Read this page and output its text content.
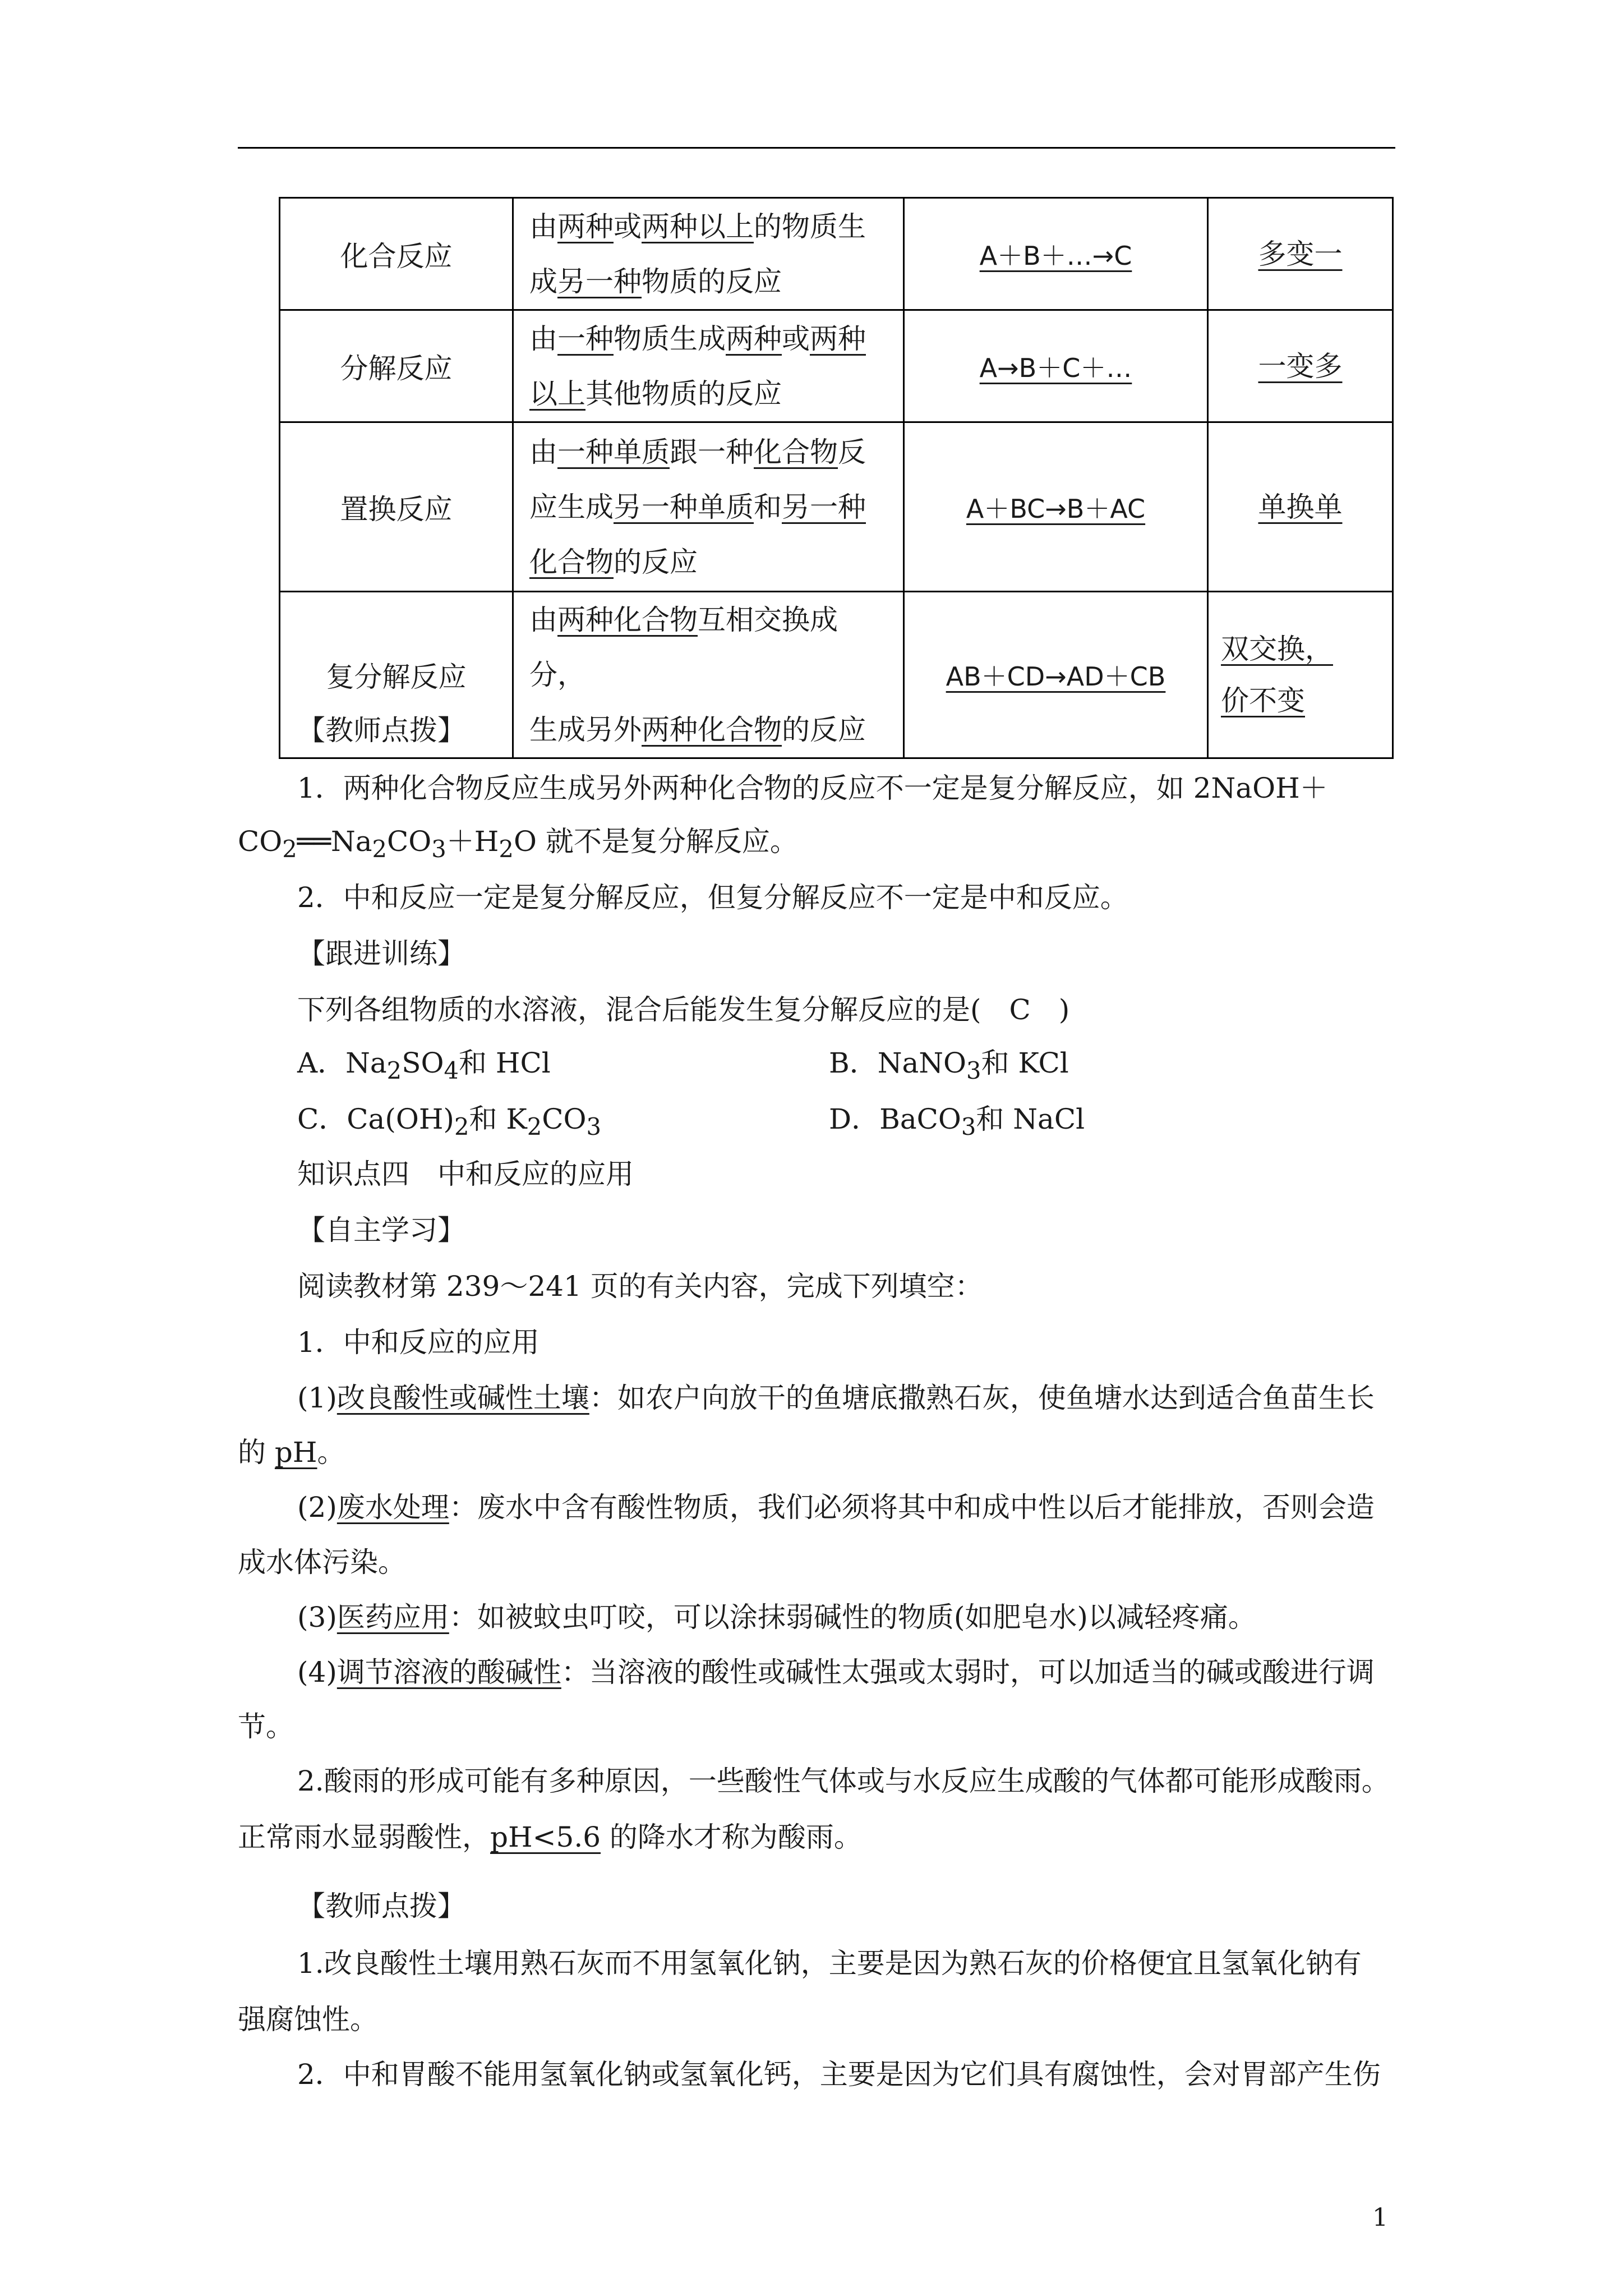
化合反应	由两种或两种以上的物质生
成另一种物质的反应	A＋B＋…→C	多变一
分解反应	由一种物质生成两种或两种
以上其他物质的反应	A→B＋C＋…	一变多
置换反应	由一种单质跟一种化合物反
应生成另一种单质和另一种
化合物的反应	A＋BC→B＋AC	单换单
复分解反应	由两种化合物互相交换成分，
生成另外两种化合物的反应	AB＋CD→AD＋CB	双交换，
价不变
【教师点拨】
1．两种化合物反应生成另外两种化合物的反应不一定是复分解反应，如 2NaOH＋
$CO_2══Na_2CO_3+H_2O$ 就不是复分解反应。
2．中和反应一定是复分解反应，但复分解反应不一定是中和反应。
【跟进训练】
下列各组物质的水溶液，混合后能发生复分解反应的是(　C　)
A．$Na_2SO_4$和 HCl	B．NaNO$_3$和 KCl
C．$Ca(OH)_2$和 $K_2CO_3$	D．BaCO$_3$和 NaCl
知识点四　中和反应的应用
【自主学习】
阅读教材第 239～241 页的有关内容，完成下列填空：
1．中和反应的应用
(1)改良酸性或碱性土壤：如农户向放干的鱼塘底撒熟石灰，使鱼塘水达到适合鱼苗生长
的 pH。
(2)废水处理：废水中含有酸性物质，我们必须将其中和成中性以后才能排放，否则会造
成水体污染。
(3)医药应用：如被蚊虫叮咬，可以涂抹弱碱性的物质(如肥皂水)以减轻疼痛。
(4)调节溶液的酸碱性：当溶液的酸性或碱性太强或太弱时，可以加适当的碱或酸进行调
节。
2.酸雨的形成可能有多种原因，一些酸性气体或与水反应生成酸的气体都可能形成酸雨。
正常雨水显弱酸性，pH<5.6 的降水才称为酸雨。
【教师点拨】
1.改良酸性土壤用熟石灰而不用氢氧化钠，主要是因为熟石灰的价格便宜且氢氧化钠有
强腐蚀性。
2．中和胃酸不能用氢氧化钠或氢氧化钙，主要是因为它们具有腐蚀性，会对胃部产生伤
1
